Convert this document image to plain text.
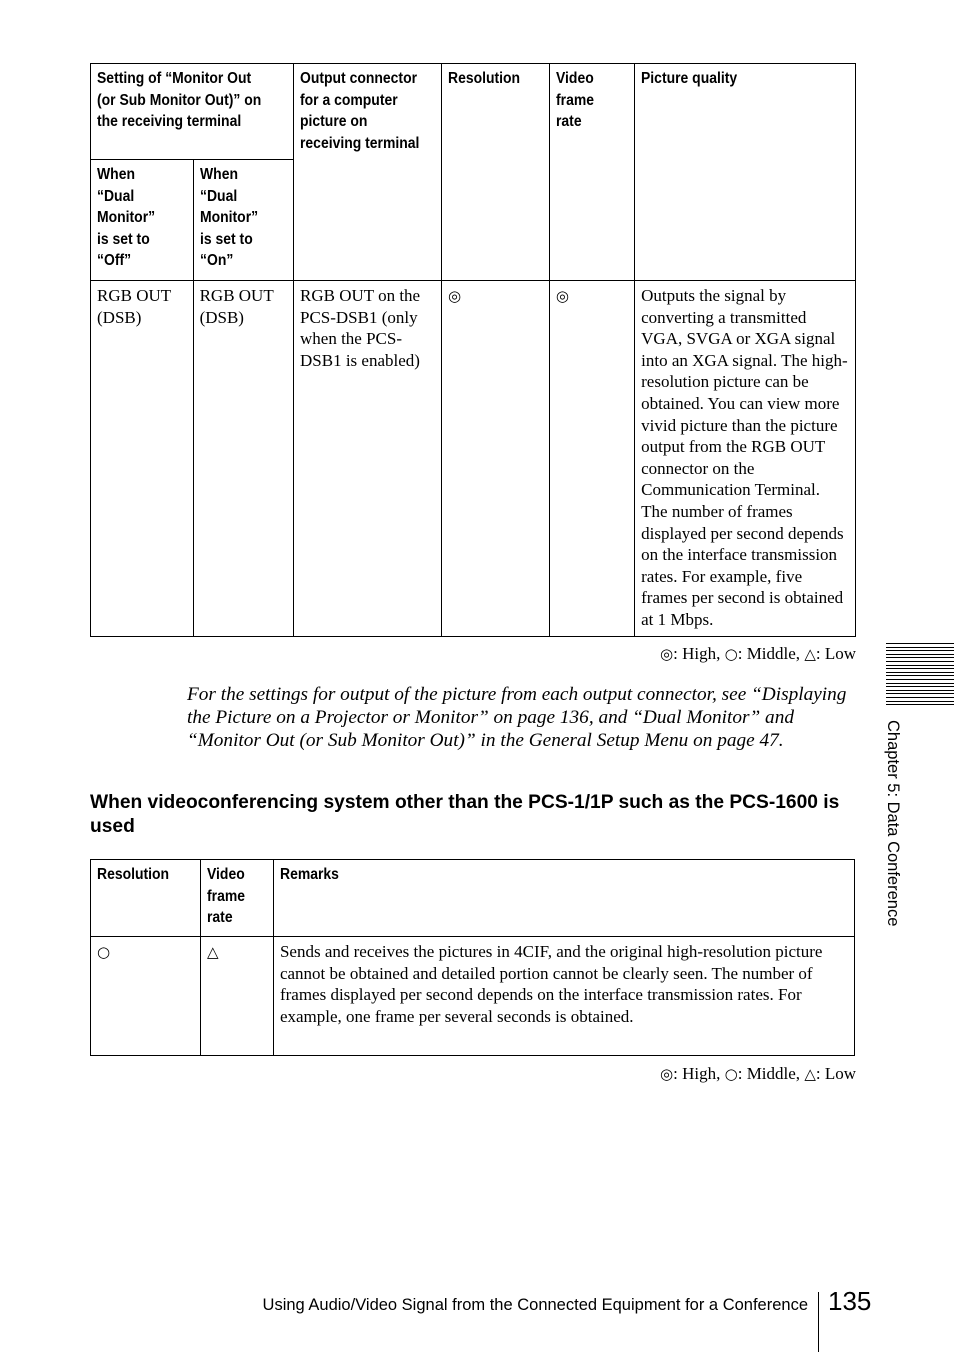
Setting of “Monitor Out (or Sub Monitor Out)” on the receiving terminal		Output connector for a computer picture on receiving terminal	Resolution	Video frame rate	Picture quality
When “Dual Monitor” is set to “Off”	When “Dual Monitor” is set to “On”				
RGB OUT (DSB)	RGB OUT (DSB)	RGB OUT on the PCS-DSB1 (only when the PCS-DSB1 is enabled)	◎	◎	Outputs the signal by converting a transmitted VGA, SVGA or XGA signal into an XGA signal. The high-resolution picture can be obtained. You can view more vivid picture than the picture output from the RGB OUT connector on the Communication Terminal. The number of frames displayed per second depends on the interface transmission rates. For example, five frames per second is obtained at 1 Mbps.
◎: High, ○: Middle, △: Low
For the settings for output of the picture from each output connector, see “Displaying the Picture on a Projector or Monitor” on page 136, and “Dual Monitor” and “Monitor Out (or Sub Monitor Out)” in the General Setup Menu on page 47.
When videoconferencing system other than the PCS-1/1P such as the PCS-1600 is used
Resolution	Video frame rate	Remarks
○	△	Sends and receives the pictures in 4CIF, and the original high-resolution picture cannot be obtained and detailed portion cannot be clearly seen. The number of frames displayed per second depends on the interface transmission rates. For example, one frame per several seconds is obtained.
◎: High, ○: Middle, △: Low
Chapter 5: Data Conference
Using Audio/Video Signal from the Connected Equipment for a Conference 135
